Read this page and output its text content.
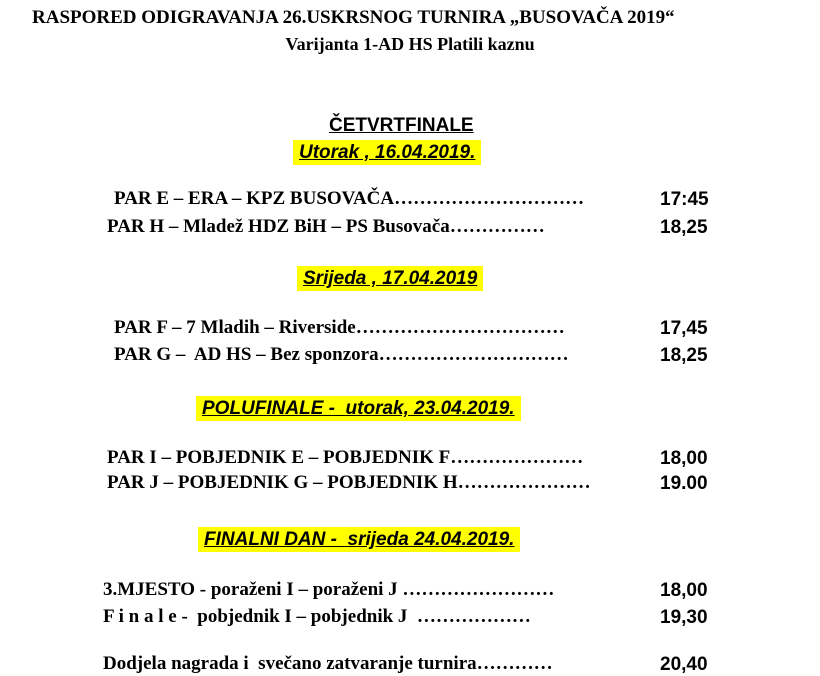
RASPORED ODIGRAVANJA 26.USKRSNOG TURNIRA „BUSOVAČA 2019“
Varijanta 1-AD HS Platili kaznu
ČETVRTFINALE
Utorak , 16.04.2019.
PAR E – ERA – KPZ BUSOVAČA…………………………	17:45
PAR H – Mladež HDZ BiH – PS Busovača……………	18,25
Srijeda , 17.04.2019
PAR F – 7 Mladih – Riverside……………………………	17,45
PAR G –  AD HS – Bez sponzora…………………………	18,25
POLUFINALE -  utorak, 23.04.2019.
PAR I – POBJEDNIK E – POBJEDNIK F…………………	18,00
PAR J – POBJEDNIK G – POBJEDNIK H…………………	19.00
FINALNI DAN -  srijeda 24.04.2019.
3.MJESTO - poraženi I – poraženi J ……………………	18,00
F i n a l e -  pobjednik I – pobjednik J  ………………	19,30
Dodjela nagrada i  svečano zatvaranje turnira…………	20,40
